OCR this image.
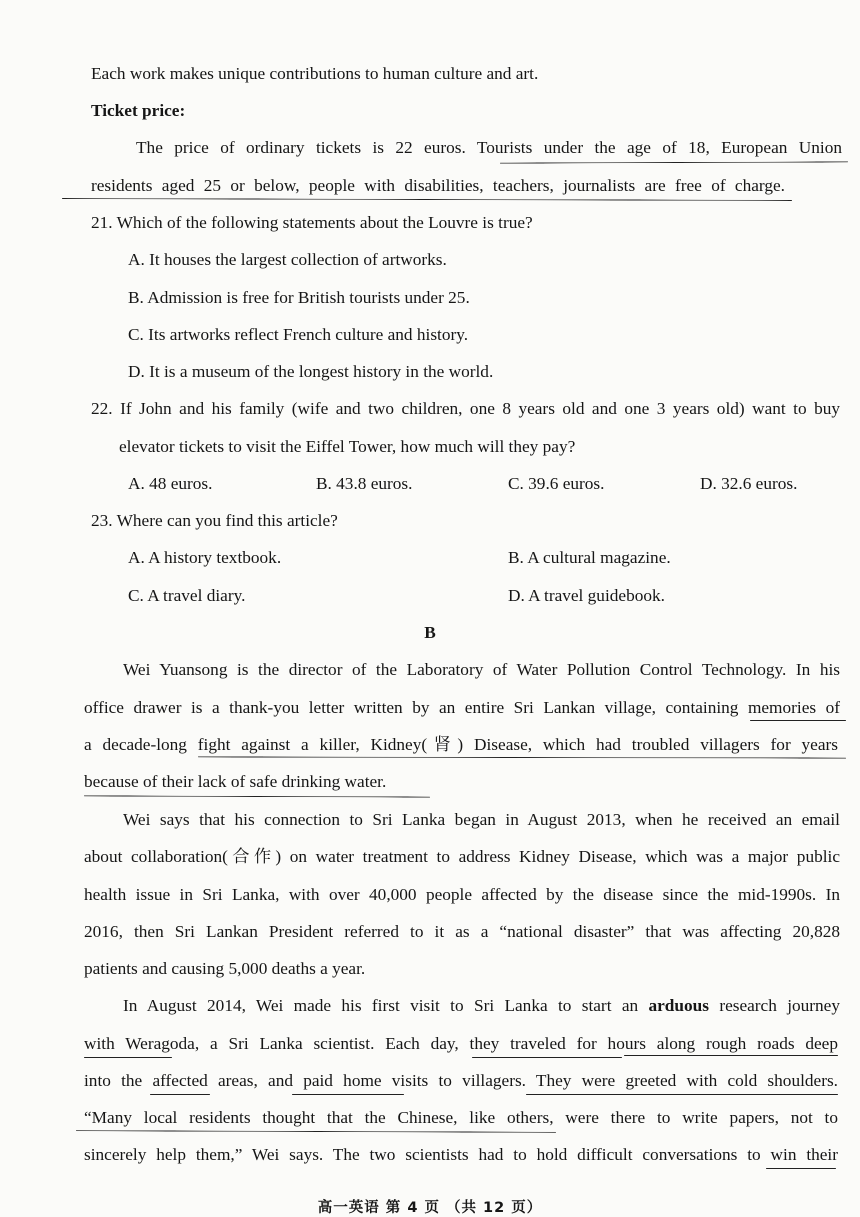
Each work makes unique contributions to human culture and art.
Ticket price:
The price of ordinary tickets is 22 euros. Tourists under the age of 18, European Union
residents aged 25 or below, people with disabilities, teachers, journalists are free of charge.
21. Which of the following statements about the Louvre is true?
A. It houses the largest collection of artworks.
B. Admission is free for British tourists under 25.
C. Its artworks reflect French culture and history.
D. It is a museum of the longest history in the world.
22. If John and his family (wife and two children, one 8 years old and one 3 years old) want to buy
elevator tickets to visit the Eiffel Tower, how much will they pay?
A. 48 euros.	B. 43.8 euros.	C. 39.6 euros.	D. 32.6 euros.
23. Where can you find this article?
A. A history textbook.	B. A cultural magazine.
C. A travel diary.	D. A travel guidebook.
B
Wei Yuansong is the director of the Laboratory of Water Pollution Control Technology. In his
office drawer is a thank-you letter written by an entire Sri Lankan village, containing memories of
a decade-long fight against a killer, Kidney(肾) Disease, which had troubled villagers for years
because of their lack of safe drinking water.
Wei says that his connection to Sri Lanka began in August 2013, when he received an email
about collaboration(合作) on water treatment to address Kidney Disease, which was a major public
health issue in Sri Lanka, with over 40,000 people affected by the disease since the mid-1990s. In
2016, then Sri Lankan President referred to it as a “national disaster” that was affecting 20,828
patients and causing 5,000 deaths a year.
In August 2014, Wei made his first visit to Sri Lanka to start an arduous research journey
with Weragoda, a Sri Lanka scientist. Each day, they traveled for hours along rough roads deep
into the affected areas, and paid home visits to villagers. They were greeted with cold shoulders.
“Many local residents thought that the Chinese, like others, were there to write papers, not to
sincerely help them,” Wei says. The two scientists had to hold difficult conversations to win their
高一英语 第 4 页 （共 12 页）
